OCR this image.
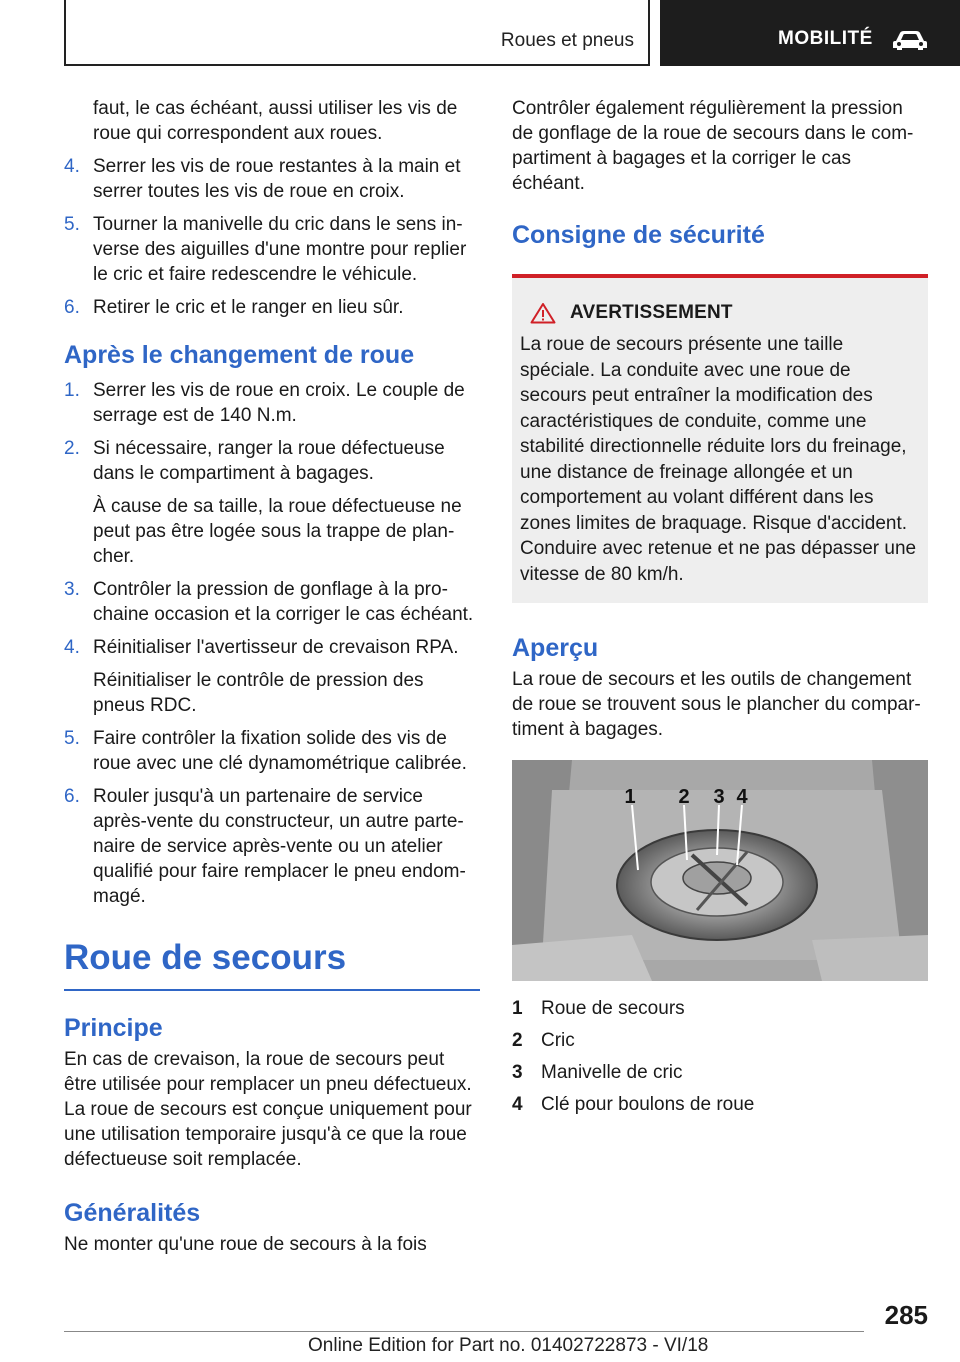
Roues et pneus	MOBILITÉ
faut, le cas échéant, aussi utiliser les vis de roue qui correspondent aux roues.
4. Serrer les vis de roue restantes à la main et serrer toutes les vis de roue en croix.
5. Tourner la manivelle du cric dans le sens inverse des aiguilles d'une montre pour replier le cric et faire redescendre le véhicule.
6. Retirer le cric et le ranger en lieu sûr.
Après le changement de roue
1. Serrer les vis de roue en croix. Le couple de serrage est de 140 N.m.
2. Si nécessaire, ranger la roue défectueuse dans le compartiment à bagages.
À cause de sa taille, la roue défectueuse ne peut pas être logée sous la trappe de plancher.
3. Contrôler la pression de gonflage à la prochaine occasion et la corriger le cas échéant.
4. Réinitialiser l'avertisseur de crevaison RPA.
Réinitialiser le contrôle de pression des pneus RDC.
5. Faire contrôler la fixation solide des vis de roue avec une clé dynamométrique calibrée.
6. Rouler jusqu'à un partenaire de service après-vente du constructeur, un autre partenaire de service après-vente ou un atelier qualifié pour faire remplacer le pneu endommagé.
Roue de secours
Principe
En cas de crevaison, la roue de secours peut être utilisée pour remplacer un pneu défectueux. La roue de secours est conçue uniquement pour une utilisation temporaire jusqu'à ce que la roue défectueuse soit remplacée.
Généralités
Ne monter qu'une roue de secours à la fois
Contrôler également régulièrement la pression de gonflage de la roue de secours dans le compartiment à bagages et la corriger le cas échéant.
Consigne de sécurité
AVERTISSEMENT
La roue de secours présente une taille spéciale. La conduite avec une roue de secours peut entraîner la modification des caractéristiques de conduite, comme une stabilité directionnelle réduite lors du freinage, une distance de freinage allongée et un comportement au volant différent dans les zones limites de braquage. Risque d'accident. Conduire avec retenue et ne pas dépasser une vitesse de 80 km/h.
Aperçu
La roue de secours et les outils de changement de roue se trouvent sous le plancher du compartiment à bagages.
1 2 3 4
1 Roue de secours
2 Cric
3 Manivelle de cric
4 Clé pour boulons de roue
285
Online Edition for Part no. 01402722873 - VI/18
